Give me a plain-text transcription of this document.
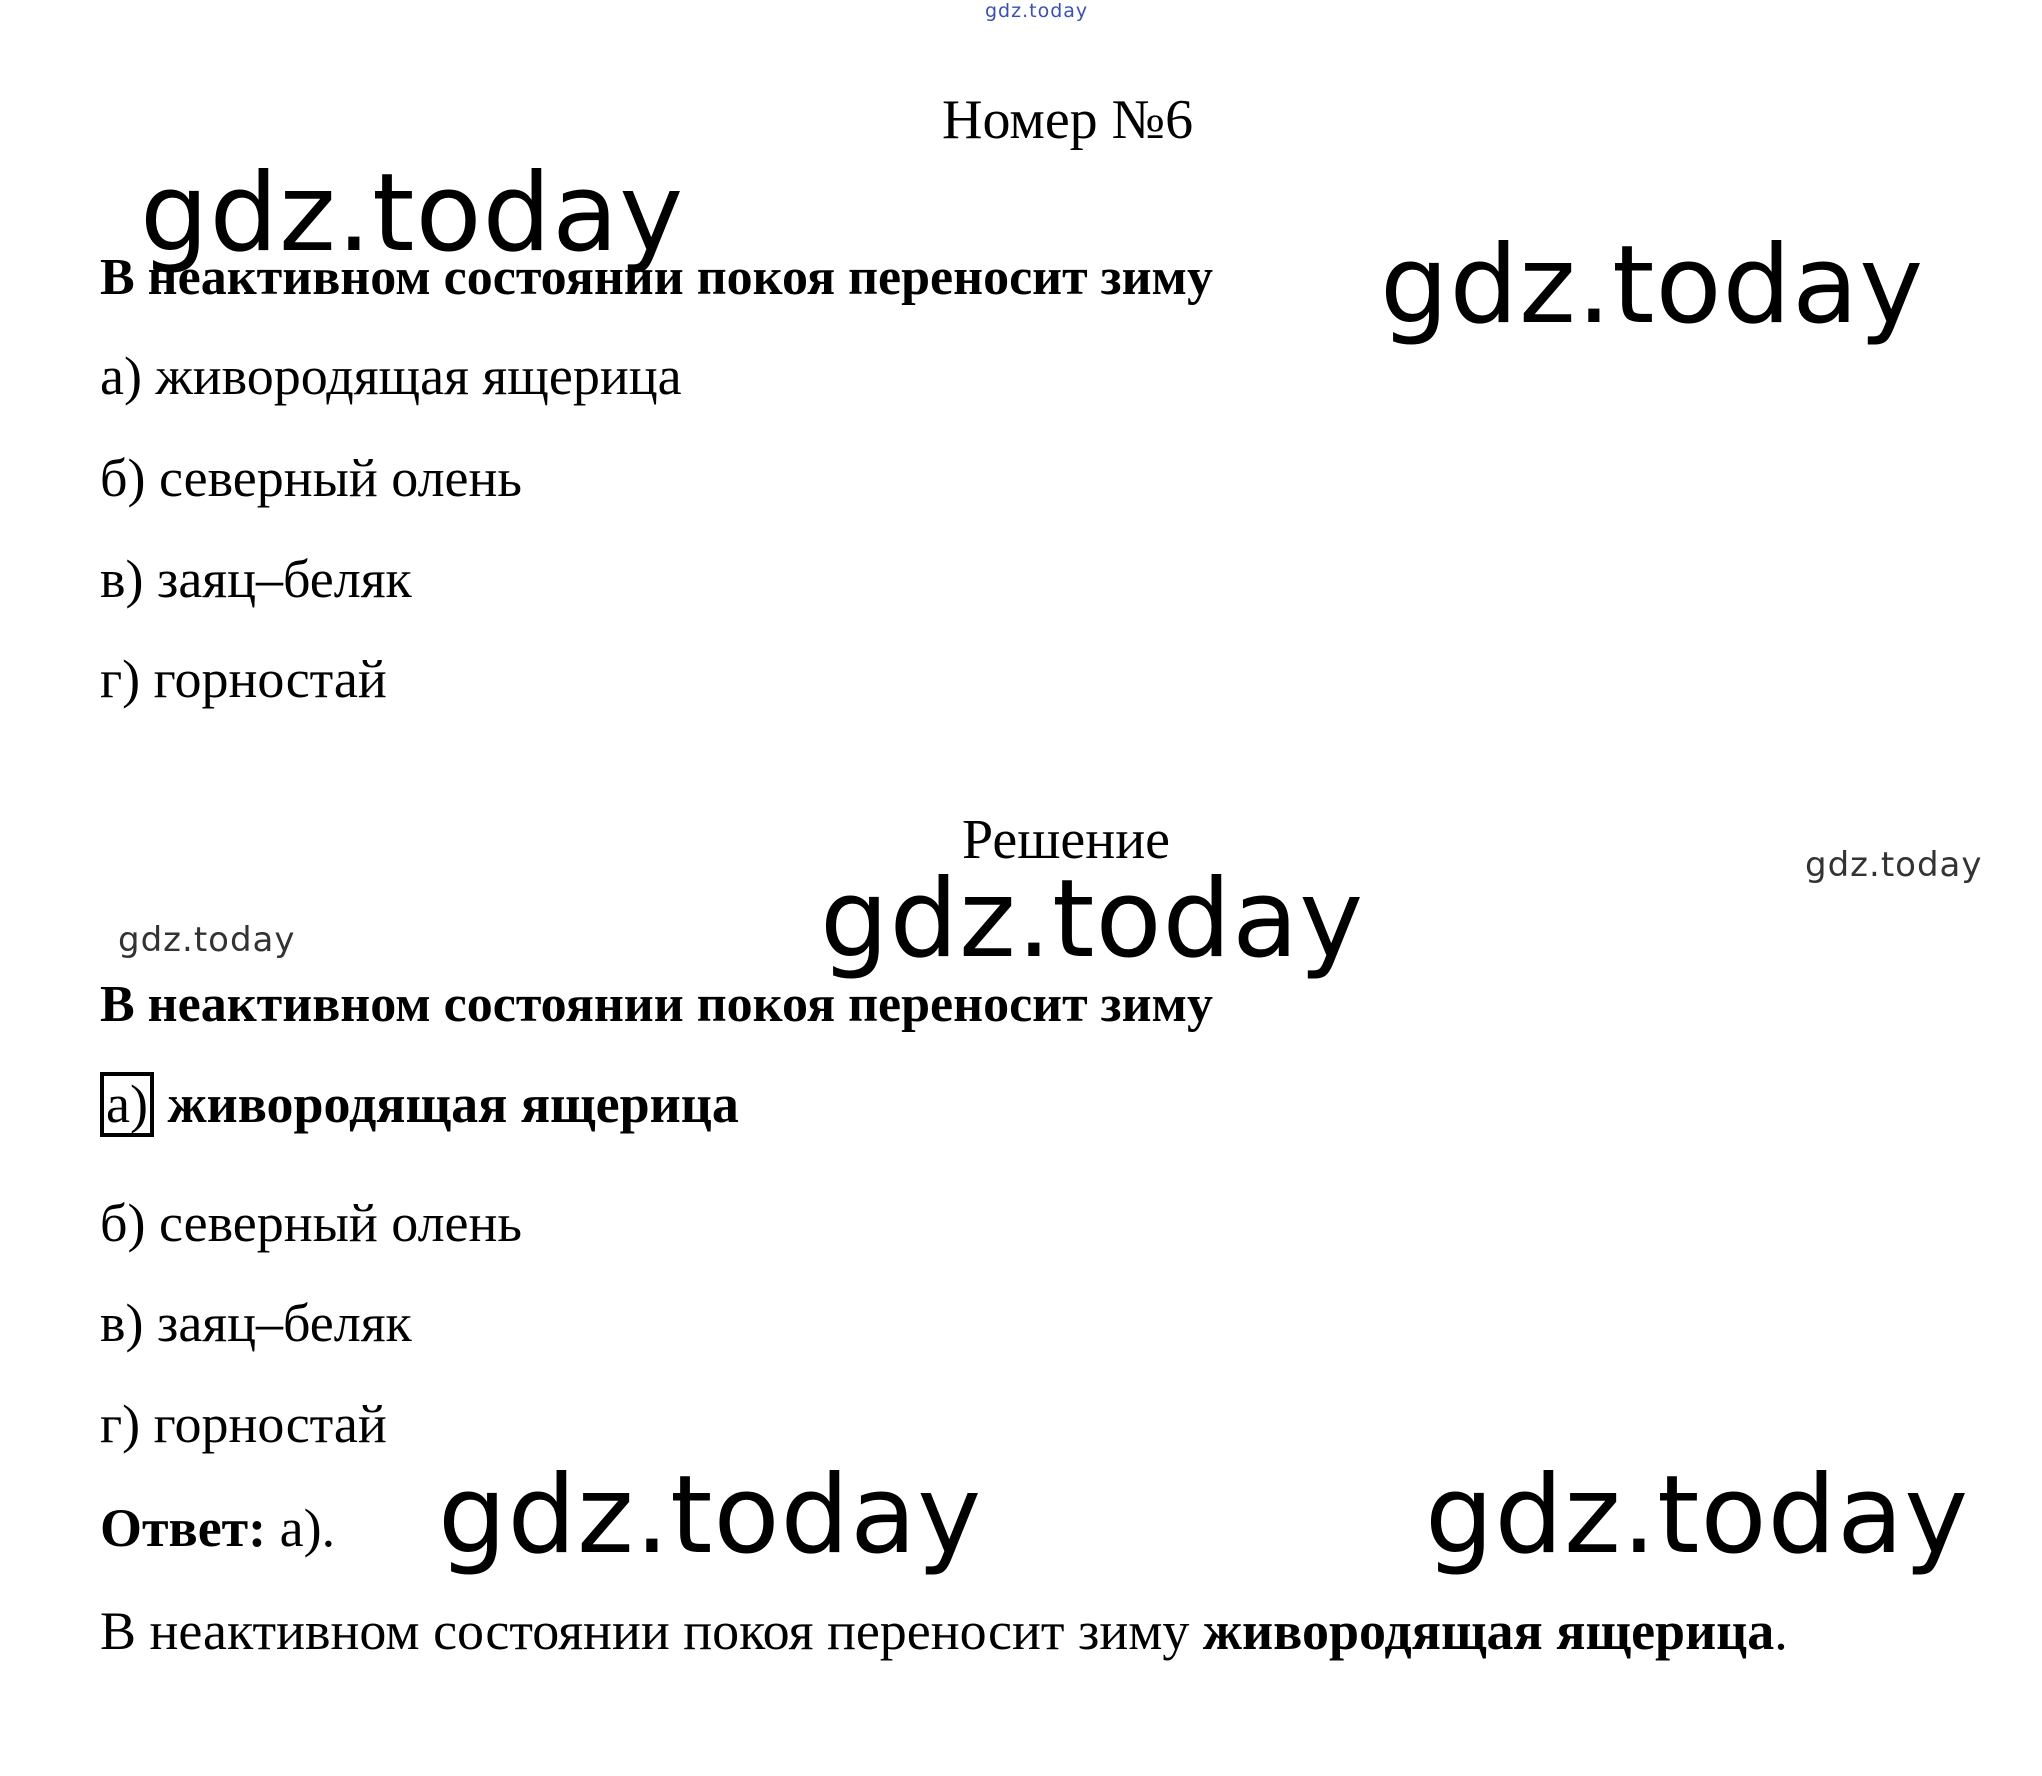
gdz.today
gdz.today
gdz.today
gdz.today
gdz.today
gdz.today
gdz.today	gdz.today
Номер №6
В неактивном состоянии покоя переносит зиму
а) живородящая ящерица
б) северный олень
в) заяц–беляк
г) горностай
Решение
В неактивном состоянии покоя переносит зиму
а) живородящая ящерица
б) северный олень
в) заяц–беляк
г) горностай
Ответ: а).
В неактивном состоянии покоя переносит зиму живородящая ящерица.
